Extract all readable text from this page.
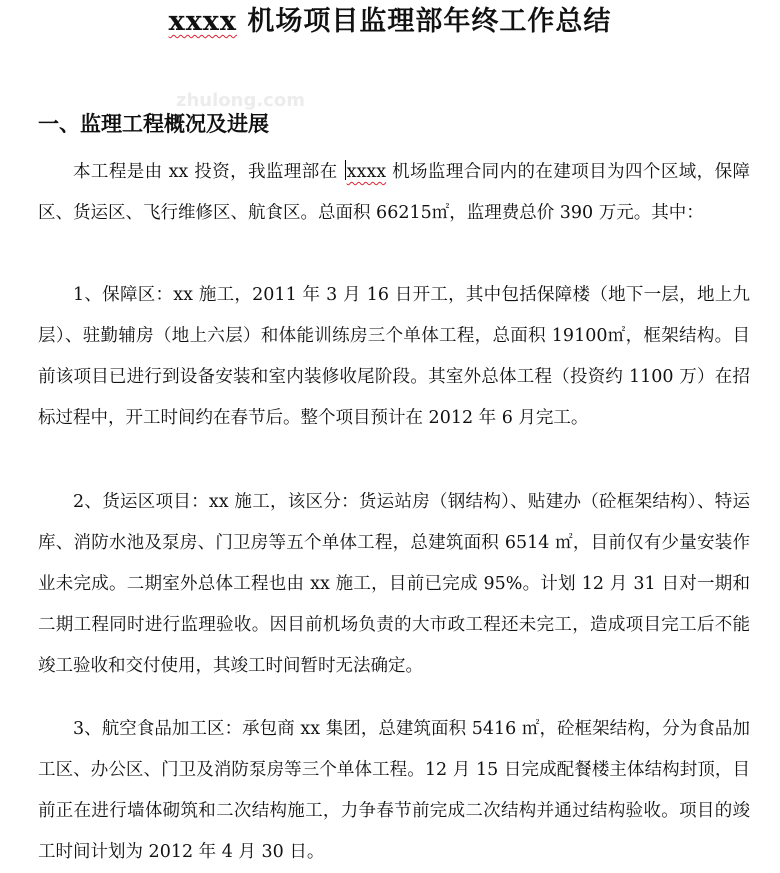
xxxx 机场项目监理部年终工作总结
zhulong.com
一、监理工程概况及进展
本工程是由 xx 投资，我监理部在 xxxx 机场监理合同内的在建项目为四个区域，保障区、货运区、飞行维修区、航食区。总面积 66215㎡，监理费总价 390 万元。其中：
1、保障区：xx 施工，2011 年 3 月 16 日开工，其中包括保障楼（地下一层，地上九层）、驻勤辅房（地上六层）和体能训练房三个单体工程，总面积 19100㎡，框架结构。目前该项目已进行到设备安装和室内装修收尾阶段。其室外总体工程（投资约 1100 万）在招标过程中，开工时间约在春节后。整个项目预计在 2012 年 6 月完工。
2、货运区项目：xx 施工，该区分：货运站房（钢结构）、贴建办（砼框架结构）、特运库、消防水池及泵房、门卫房等五个单体工程，总建筑面积 6514 ㎡，目前仅有少量安装作业未完成。二期室外总体工程也由 xx 施工，目前已完成 95%。计划 12 月 31 日对一期和二期工程同时进行监理验收。因目前机场负责的大市政工程还未完工，造成项目完工后不能竣工验收和交付使用，其竣工时间暂时无法确定。
3、航空食品加工区：承包商 xx 集团，总建筑面积 5416 ㎡，砼框架结构，分为食品加工区、办公区、门卫及消防泵房等三个单体工程。12 月 15 日完成配餐楼主体结构封顶，目前正在进行墙体砌筑和二次结构施工，力争春节前完成二次结构并通过结构验收。项目的竣工时间计划为 2012 年 4 月 30 日。
